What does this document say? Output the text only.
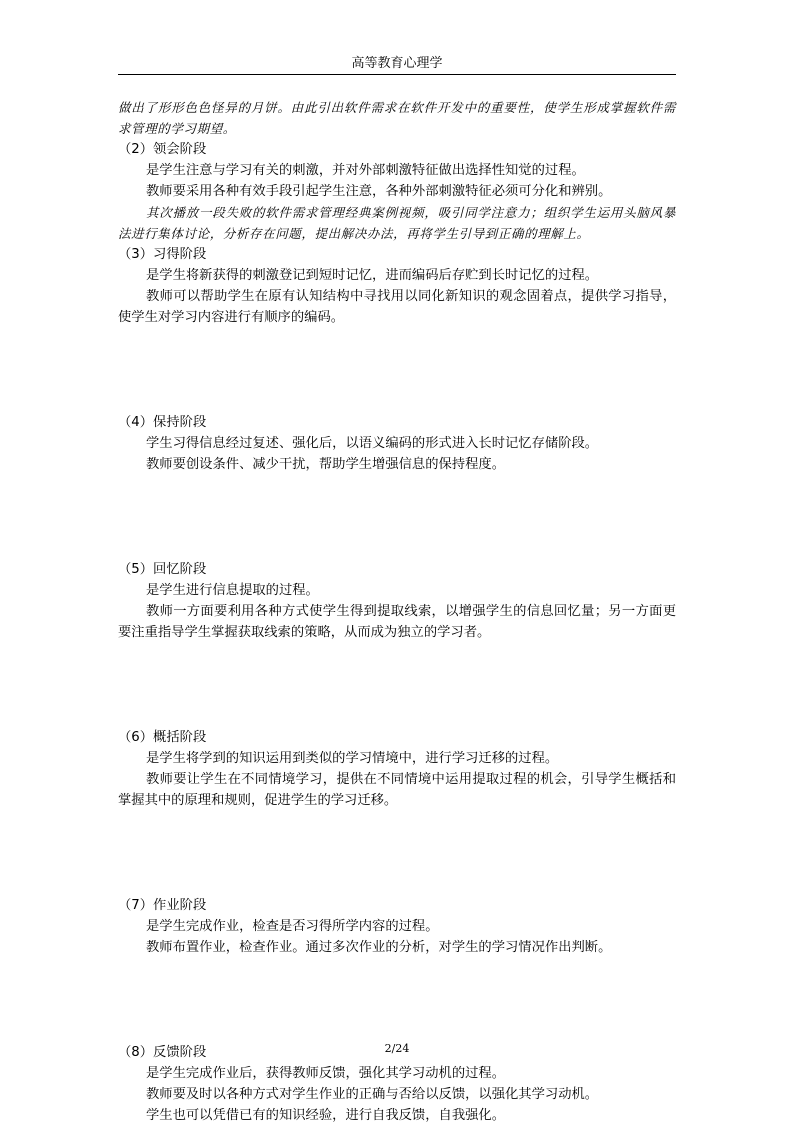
高等教育心理学

做出了形形色色怪异的月饼。由此引出软件需求在软件开发中的重要性，使学生形成掌握软件需求管理的学习期望。

（2）领会阶段

是学生注意与学习有关的刺激，并对外部刺激特征做出选择性知觉的过程。

教师要采用各种有效手段引起学生注意，各种外部刺激特征必须可分化和辨别。

其次播放一段失败的软件需求管理经典案例视频，吸引同学注意力；组织学生运用头脑风暴法进行集体讨论，分析存在问题，提出解决办法，再将学生引导到正确的理解上。

（3）习得阶段

是学生将新获得的刺激登记到短时记忆，进而编码后存贮到长时记忆的过程。

教师可以帮助学生在原有认知结构中寻找用以同化新知识的观念固着点，提供学习指导，使学生对学习内容进行有顺序的编码。

（4）保持阶段

学生习得信息经过复述、强化后，以语义编码的形式进入长时记忆存储阶段。

教师要创设条件、减少干扰，帮助学生增强信息的保持程度。

（5）回忆阶段

是学生进行信息提取的过程。

教师一方面要利用各种方式使学生得到提取线索，以增强学生的信息回忆量；另一方面更要注重指导学生掌握获取线索的策略，从而成为独立的学习者。

（6）概括阶段

是学生将学到的知识运用到类似的学习情境中，进行学习迁移的过程。

教师要让学生在不同情境学习，提供在不同情境中运用提取过程的机会，引导学生概括和掌握其中的原理和规则，促进学生的学习迁移。

（7）作业阶段

是学生完成作业，检查是否习得所学内容的过程。

教师布置作业，检查作业。通过多次作业的分析，对学生的学习情况作出判断。

（8）反馈阶段

是学生完成作业后，获得教师反馈，强化其学习动机的过程。

教师要及时以各种方式对学生作业的正确与否给以反馈，以强化其学习动机。

学生也可以凭借已有的知识经验，进行自我反馈，自我强化。

2/24
